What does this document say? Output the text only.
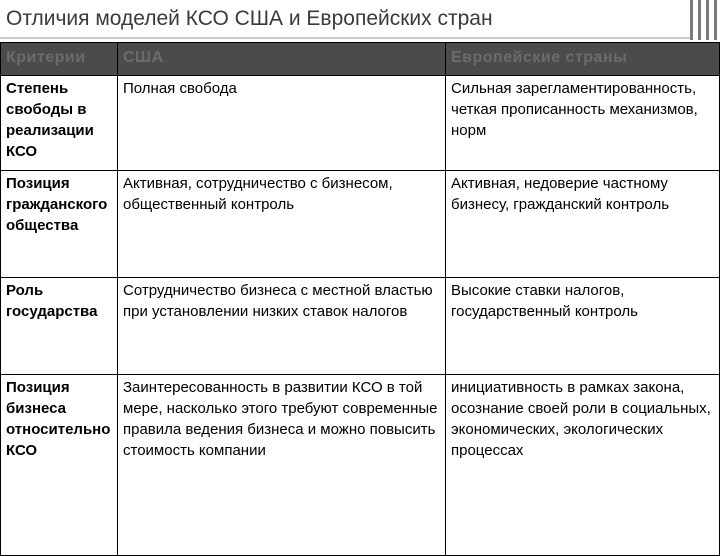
Отличия моделей КСО США и Европейских стран
Критерии	США	Европейские страны
Степень свободы в реализации КСО	Полная свобода	Сильная зарегламентированность, четкая прописанность механизмов, норм
Позиция гражданского общества	Активная, сотрудничество с бизнесом, общественный контроль	Активная, недоверие частному бизнесу, гражданский контроль
Роль государства	Сотрудничество бизнеса с местной властью при установлении низких ставок налогов	Высокие ставки налогов, государственный контроль
Позиция бизнеса относительно КСО	Заинтересованность в развитии КСО в той мере, насколько этого требуют современные правила ведения бизнеса и можно повысить стоимость компании	инициативность в рамках закона, осознание своей роли в социальных, экономических, экологических процессах
